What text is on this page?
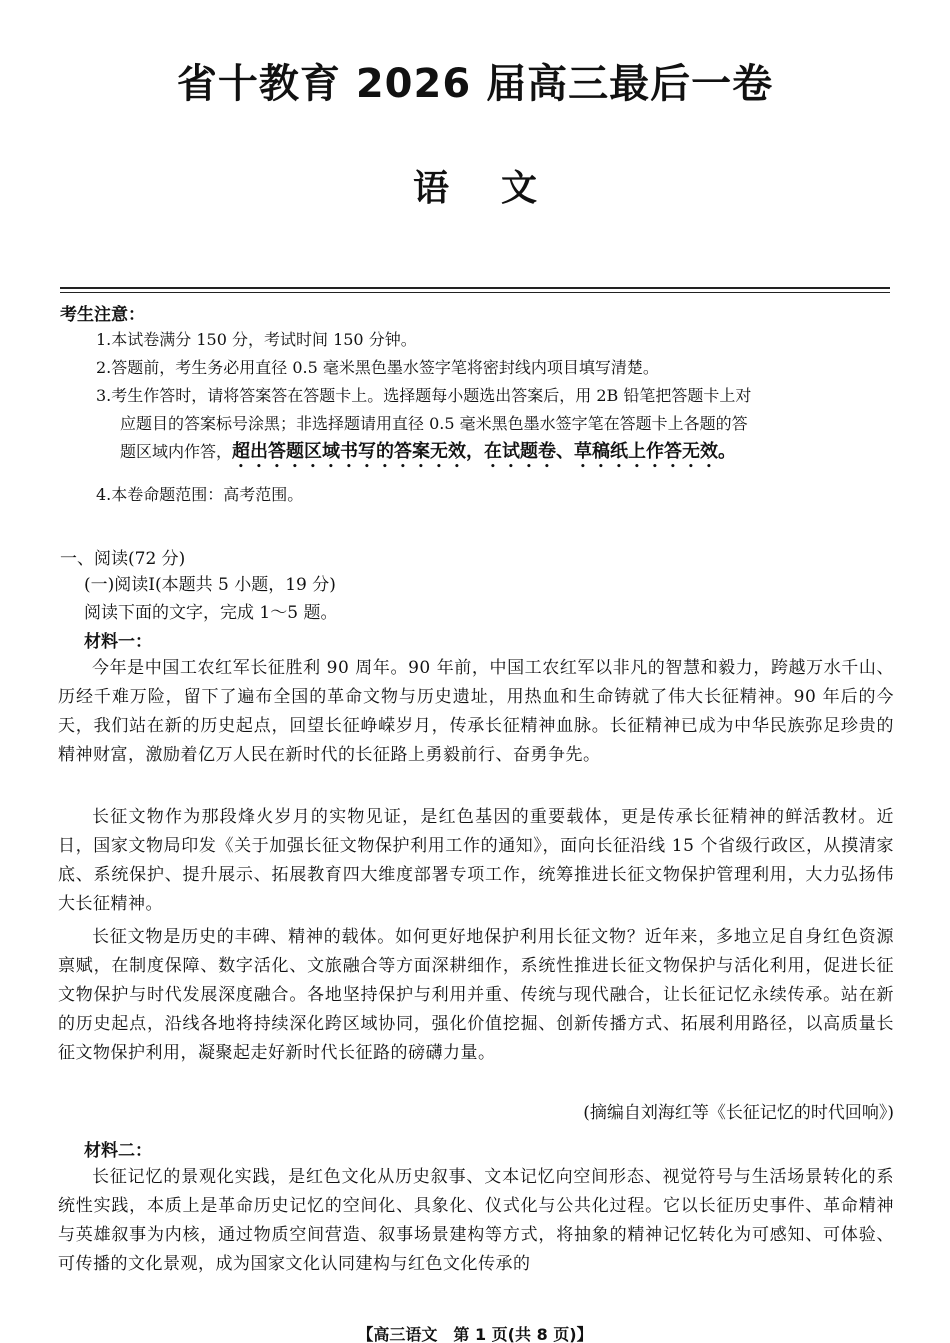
省十教育 2026 届高三最后一卷
语文
考生注意：
1.本试卷满分 150 分，考试时间 150 分钟。
2.答题前，考生务必用直径 0.5 毫米黑色墨水签字笔将密封线内项目填写清楚。
3.考生作答时，请将答案答在答题卡上。选择题每小题选出答案后，用 2B 铅笔把答题卡上对
应题目的答案标号涂黑；非选择题请用直径 0.5 毫米黑色墨水签字笔在答题卡上各题的答
题区域内作答，超出答题区域书写的答案无效，在试题卷、草稿纸上作答无效。
4.本卷命题范围：高考范围。
一、阅读(72 分)
(一)阅读Ⅰ(本题共 5 小题，19 分)
阅读下面的文字，完成 1～5 题。
材料一：
今年是中国工农红军长征胜利 90 周年。90 年前，中国工农红军以非凡的智慧和毅力，跨越万水千山、历经千难万险，留下了遍布全国的革命文物与历史遗址，用热血和生命铸就了伟大长征精神。90 年后的今天，我们站在新的历史起点，回望长征峥嵘岁月，传承长征精神血脉。长征精神已成为中华民族弥足珍贵的精神财富，激励着亿万人民在新时代的长征路上勇毅前行、奋勇争先。
长征文物作为那段烽火岁月的实物见证，是红色基因的重要载体，更是传承长征精神的鲜活教材。近日，国家文物局印发《关于加强长征文物保护利用工作的通知》，面向长征沿线 15 个省级行政区，从摸清家底、系统保护、提升展示、拓展教育四大维度部署专项工作，统筹推进长征文物保护管理利用，大力弘扬伟大长征精神。
长征文物是历史的丰碑、精神的载体。如何更好地保护利用长征文物？近年来，多地立足自身红色资源禀赋，在制度保障、数字活化、文旅融合等方面深耕细作，系统性推进长征文物保护与活化利用，促进长征文物保护与时代发展深度融合。各地坚持保护与利用并重、传统与现代融合，让长征记忆永续传承。站在新的历史起点，沿线各地将持续深化跨区域协同，强化价值挖掘、创新传播方式、拓展利用路径，以高质量长征文物保护利用，凝聚起走好新时代长征路的磅礴力量。
(摘编自刘海红等《长征记忆的时代回响》)
材料二：
长征记忆的景观化实践，是红色文化从历史叙事、文本记忆向空间形态、视觉符号与生活场景转化的系统性实践，本质上是革命历史记忆的空间化、具象化、仪式化与公共化过程。它以长征历史事件、革命精神与英雄叙事为内核，通过物质空间营造、叙事场景建构等方式，将抽象的精神记忆转化为可感知、可体验、可传播的文化景观，成为国家文化认同建构与红色文化传承的
【高三语文　第 1 页(共 8 页)】
